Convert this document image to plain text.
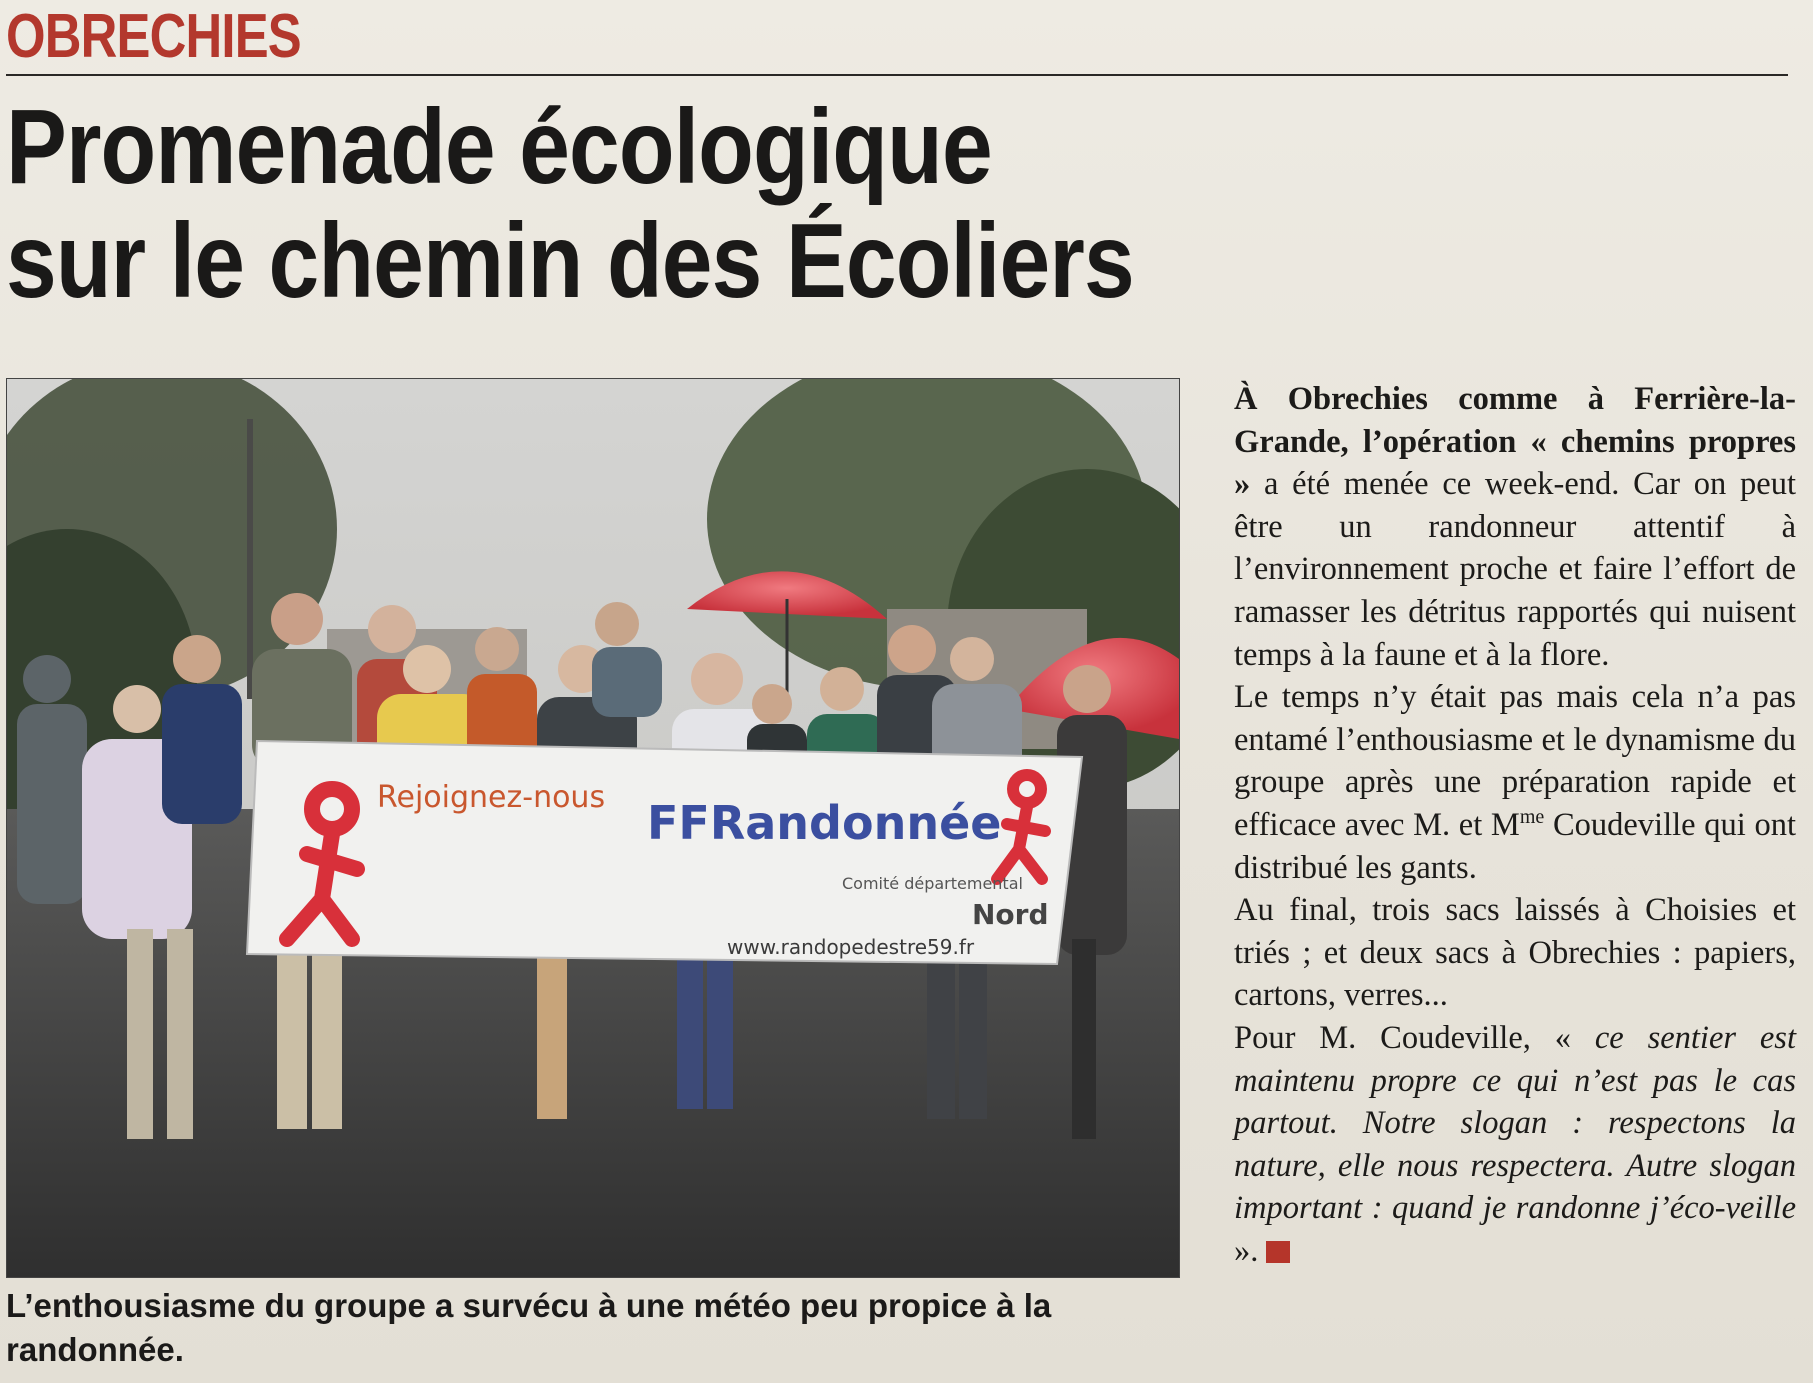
OBRECHIES
Promenade écologique
sur le chemin des Écoliers
Rejoignez-nous FFRandonnée
Comité départemental
Nord
www.randopedestre59.fr
L’enthousiasme du groupe a survécu à une météo peu propice à la randonnée.

À Obrechies comme à Ferrière-la-Grande, l’opération « chemins propres » a été menée ce week-end. Car on peut être un randonneur attentif à l’environnement proche et faire l’effort de ramasser les détritus rapportés qui nuisent temps à la faune et à la flore.

Le temps n’y était pas mais cela n’a pas entamé l’enthousiasme et le dynamisme du groupe après une préparation rapide et efficace avec M. et $M^{me}$ Coudeville qui ont distribué les gants.

Au final, trois sacs laissés à Choisies et triés ; et deux sacs à Obrechies : papiers, cartons, verres...

Pour M. Coudeville, « ce sentier est maintenu propre ce qui n’est pas le cas partout. Notre slogan : respectons la nature, elle nous respectera. Autre slogan important : quand je randonne j’éco-veille ».
